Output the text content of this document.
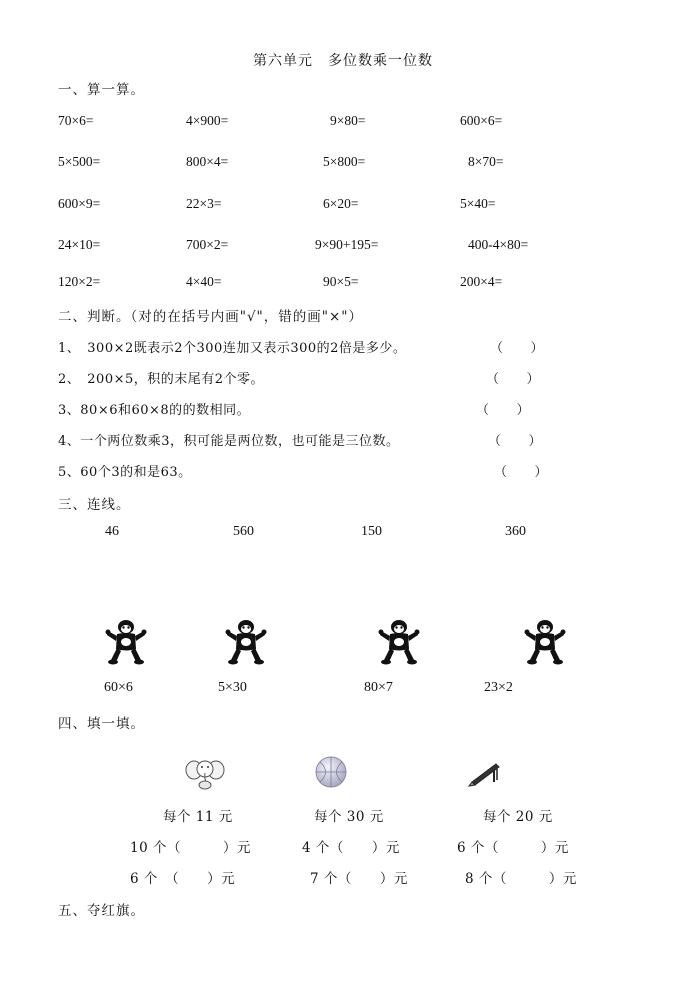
第六单元　多位数乘一位数
一、算一算。
70×6=	4×900=	9×80=	600×6=
5×500=	800×4=	5×800=	8×70=
600×9=	22×3=	6×20=	5×40=
24×10=	700×2=	9×90+195=	400-4×80=
120×2=	4×40=	90×5=	200×4=
二、判断。（对的在括号内画"√"，错的画"×"）
1、　300×2既表示2个300连加又表示300的2倍是多少。	（　　）
2、　200×5，积的末尾有2个零。	（　　）
3、80×6和60×8的的数相同。	（　　）
4、一个两位数乘3，积可能是两位数，也可能是三位数。	（　　）
5、60个3的和是63。	（　　）
三、连线。
46	560	150	360
60×6	5×30	80×7	23×2
四、填一填。
每个 11 元	每个 30 元	每个 20 元
10 个（　　　）元	4 个（　　）元	6 个（　　　）元
6 个　（　　）元	7 个（　　）元	8 个（　　　）元
五、夺红旗。
